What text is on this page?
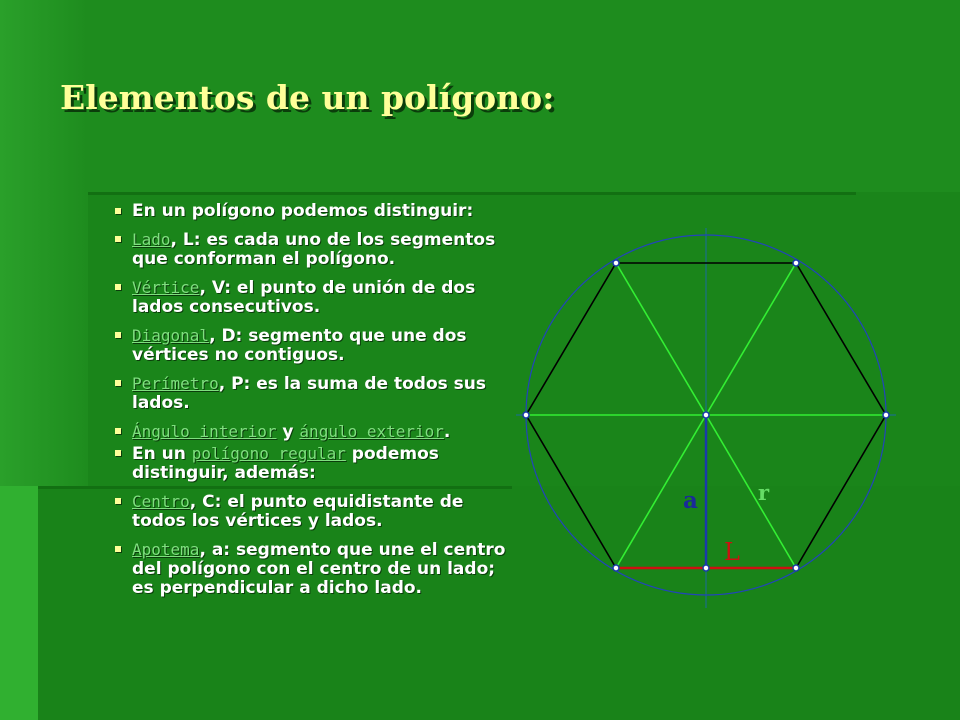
Elementos de un polígono:
En un polígono podemos distinguir:
Lado, L: es cada uno de los segmentos que conforman el polígono.
Vértice, V: el punto de unión de dos lados consecutivos.
Diagonal, D: segmento que une dos vértices no contiguos.
Perímetro, P: es la suma de todos sus lados.
Ángulo interior y ángulo exterior.
En un polígono regular podemos distinguir, además:
Centro, C: el punto equidistante de todos los vértices y lados.
Apotema, a: segmento que une el centro del polígono con el centro de un lado; es perpendicular a dicho lado.
a	r
L
